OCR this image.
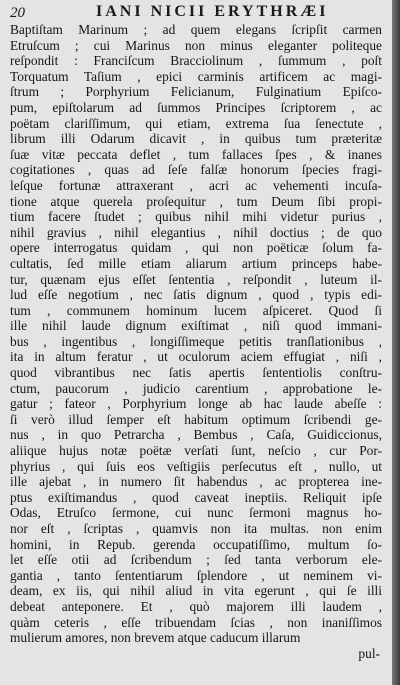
20	IANI NICII ERYTHRÆI
Baptiſtam Marinum ; ad quem elegans ſcripſit carmen
Etruſcum ; cui Marinus non minus eleganter politeque
reſpondit : Franciſcum Bracciolinum , ſummum , poſt
Torquatum Taſium , epici carminis artificem ac magi-
ſtrum ; Porphyrium Felicianum, Fulginatium Epiſco-
pum, epiſtolarum ad ſummos Principes ſcriptorem , ac
poëtam clariſſimum, qui etiam, extrema ſua ſenectute ,
librum illi Odarum dicavit , in quibus tum præteritæ
ſuæ vitæ peccata deflet , tum fallaces ſpes , & inanes
cogitationes , quas ad ſeſe falſæ honorum ſpecies fragi-
leſque fortunæ attraxerant , acri ac vehementi incuſa-
tione atque querela proſequitur , tum Deum ſibi propi-
tium facere ſtudet ; quibus nihil mihi videtur purius ,
nihil gravius , nihil elegantius , nihil doctius ; de quo
opere interrogatus quidam , qui non poëticæ ſolum fa-
cultatis, ſed mille etiam aliarum artium princeps habe-
tur, quænam ejus eſſet ſententia , reſpondit , luteum il-
lud eſſe negotium , nec ſatis dignum , quod , typis edi-
tum , communem hominum lucem aſpiceret. Quod ſi
ille nihil laude dignum exiſtimat , niſi quod immani-
bus , ingentibus , longiſſimeque petitis tranſlationibus ,
ita in altum feratur , ut oculorum aciem effugiat , niſi ,
quod vibrantibus nec ſatis apertis ſententiolis conſtru-
ctum, paucorum , judicio carentium , approbatione le-
gatur ; fateor , Porphyrium longe ab hac laude abeſſe :
ſi verò illud ſemper eſt habitum optimum ſcribendi ge-
nus , in quo Petrarcha , Bembus , Caſa, Guidiccionus,
aliique hujus notæ poëtæ verſati ſunt, neſcio , cur Por-
phyrius , qui ſuis eos veſtigiis perſecutus eſt , nullo, ut
ille ajebat , in numero ſit habendus , ac propterea ine-
ptus exiſtimandus , quod caveat ineptiis. Reliquit ipſe
Odas, Etruſco ſermone, cui nunc ſermoni magnus ho-
nor eſt , ſcriptas , quamvis non ita multas. non enim
homini, in Repub. gerenda occupatiſſimo, multum ſo-
let eſſe otii ad ſcribendum ; ſed tanta verborum ele-
gantia , tanto ſententiarum ſplendore , ut neminem vi-
deam, ex iis, qui nihil aliud in vita egerunt , qui ſe illi
debeat anteponere. Et , quò majorem illi laudem ,
quàm ceteris , eſſe tribuendam ſcias , non inaniſſimos
mulierum amores, non brevem atque caducum illarum
pul-
